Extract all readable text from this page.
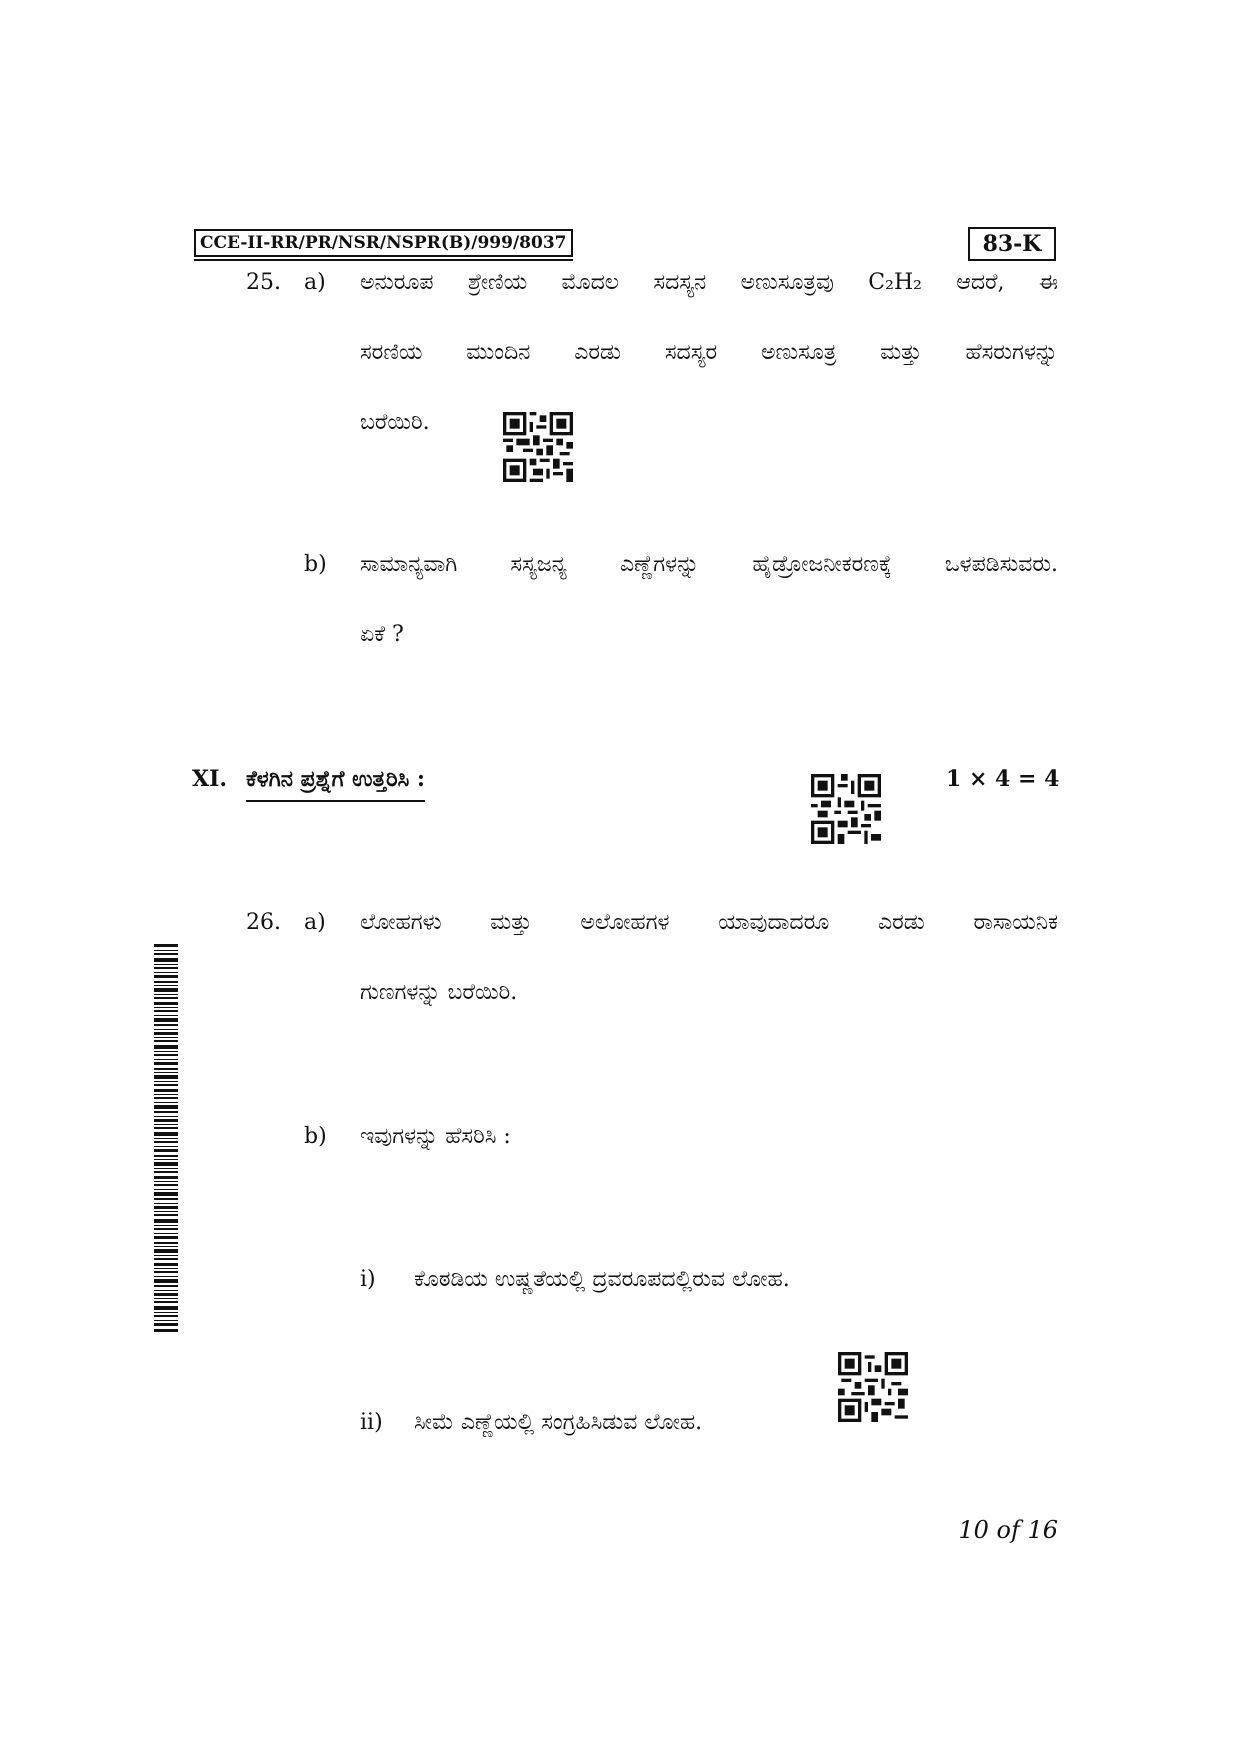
CCE-II-RR/PR/NSR/NSPR(B)/999/8037	83-K
25. a) ಅನುರೂಪ ಶ್ರೇಣಿಯ ಮೊದಲ ಸದಸ್ಯನ ಅಣುಸೂತ್ರವು C₂H₂ ಆದರೆ, ಈ
ಸರಣಿಯ ಮುಂದಿನ ಎರಡು ಸದಸ್ಯರ ಅಣುಸೂತ್ರ ಮತ್ತು ಹೆಸರುಗಳನ್ನು
ಬರೆಯಿರಿ.
b) ಸಾಮಾನ್ಯವಾಗಿ ಸಸ್ಯಜನ್ಯ ಎಣ್ಣೆಗಳನ್ನು ಹೈಡ್ರೋಜನೀಕರಣಕ್ಕೆ ಒಳಪಡಿಸುವರು.
ಏಕೆ ?
XI. ಕೆಳಗಿನ ಪ್ರಶ್ನೆಗೆ ಉತ್ತರಿಸಿ :	1 × 4 = 4
26. a) ಲೋಹಗಳು ಮತ್ತು ಅಲೋಹಗಳ ಯಾವುದಾದರೂ ಎರಡು ರಾಸಾಯನಿಕ
ಗುಣಗಳನ್ನು ಬರೆಯಿರಿ.
b) ಇವುಗಳನ್ನು ಹೆಸರಿಸಿ :
i) ಕೊಠಡಿಯ ಉಷ್ಣತೆಯಲ್ಲಿ ದ್ರವರೂಪದಲ್ಲಿರುವ ಲೋಹ.
ii) ಸೀಮೆ ಎಣ್ಣೆಯಲ್ಲಿ ಸಂಗ್ರಹಿಸಿಡುವ ಲೋಹ.
10 of 16
